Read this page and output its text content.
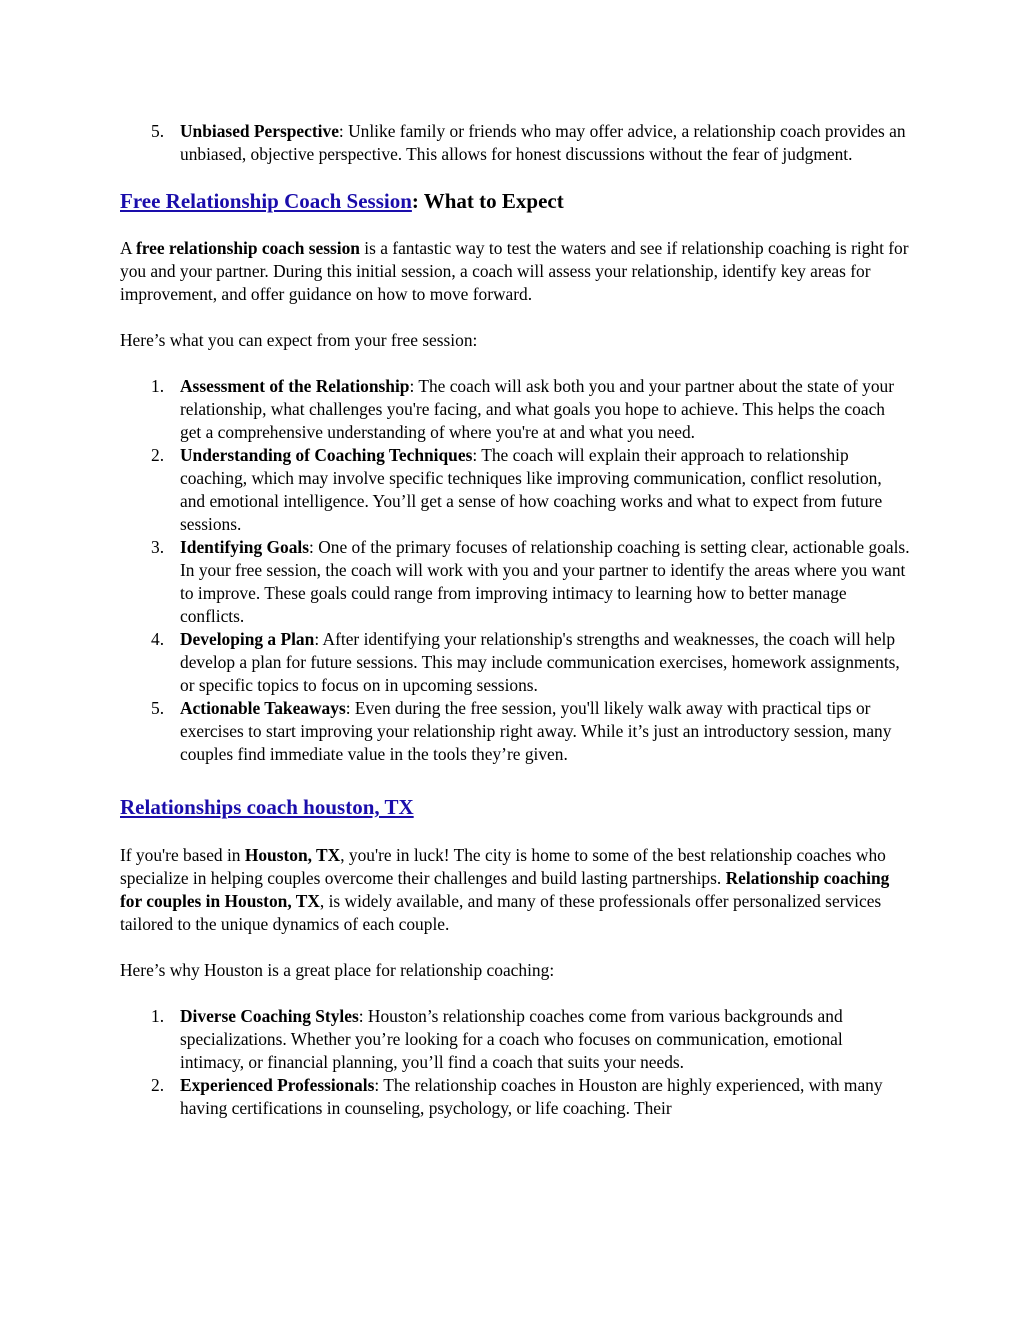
5. Unbiased Perspective: Unlike family or friends who may offer advice, a relationship coach provides an unbiased, objective perspective. This allows for honest discussions without the fear of judgment.
Free Relationship Coach Session: What to Expect

A free relationship coach session is a fantastic way to test the waters and see if relationship coaching is right for you and your partner. During this initial session, a coach will assess your relationship, identify key areas for improvement, and offer guidance on how to move forward.

Here’s what you can expect from your free session:

1. Assessment of the Relationship: The coach will ask both you and your partner about the state of your relationship, what challenges you're facing, and what goals you hope to achieve. This helps the coach get a comprehensive understanding of where you're at and what you need.
2. Understanding of Coaching Techniques: The coach will explain their approach to relationship coaching, which may involve specific techniques like improving communication, conflict resolution, and emotional intelligence. You’ll get a sense of how coaching works and what to expect from future sessions.
3. Identifying Goals: One of the primary focuses of relationship coaching is setting clear, actionable goals. In your free session, the coach will work with you and your partner to identify the areas where you want to improve. These goals could range from improving intimacy to learning how to better manage conflicts.
4. Developing a Plan: After identifying your relationship's strengths and weaknesses, the coach will help develop a plan for future sessions. This may include communication exercises, homework assignments, or specific topics to focus on in upcoming sessions.
5. Actionable Takeaways: Even during the free session, you'll likely walk away with practical tips or exercises to start improving your relationship right away. While it’s just an introductory session, many couples find immediate value in the tools they’re given.
Relationships coach houston, TX

If you're based in Houston, TX, you're in luck! The city is home to some of the best relationship coaches who specialize in helping couples overcome their challenges and build lasting partnerships. Relationship coaching for couples in Houston, TX, is widely available, and many of these professionals offer personalized services tailored to the unique dynamics of each couple.

Here’s why Houston is a great place for relationship coaching:

1. Diverse Coaching Styles: Houston’s relationship coaches come from various backgrounds and specializations. Whether you’re looking for a coach who focuses on communication, emotional intimacy, or financial planning, you’ll find a coach that suits your needs.
2. Experienced Professionals: The relationship coaches in Houston are highly experienced, with many having certifications in counseling, psychology, or life coaching. Their
